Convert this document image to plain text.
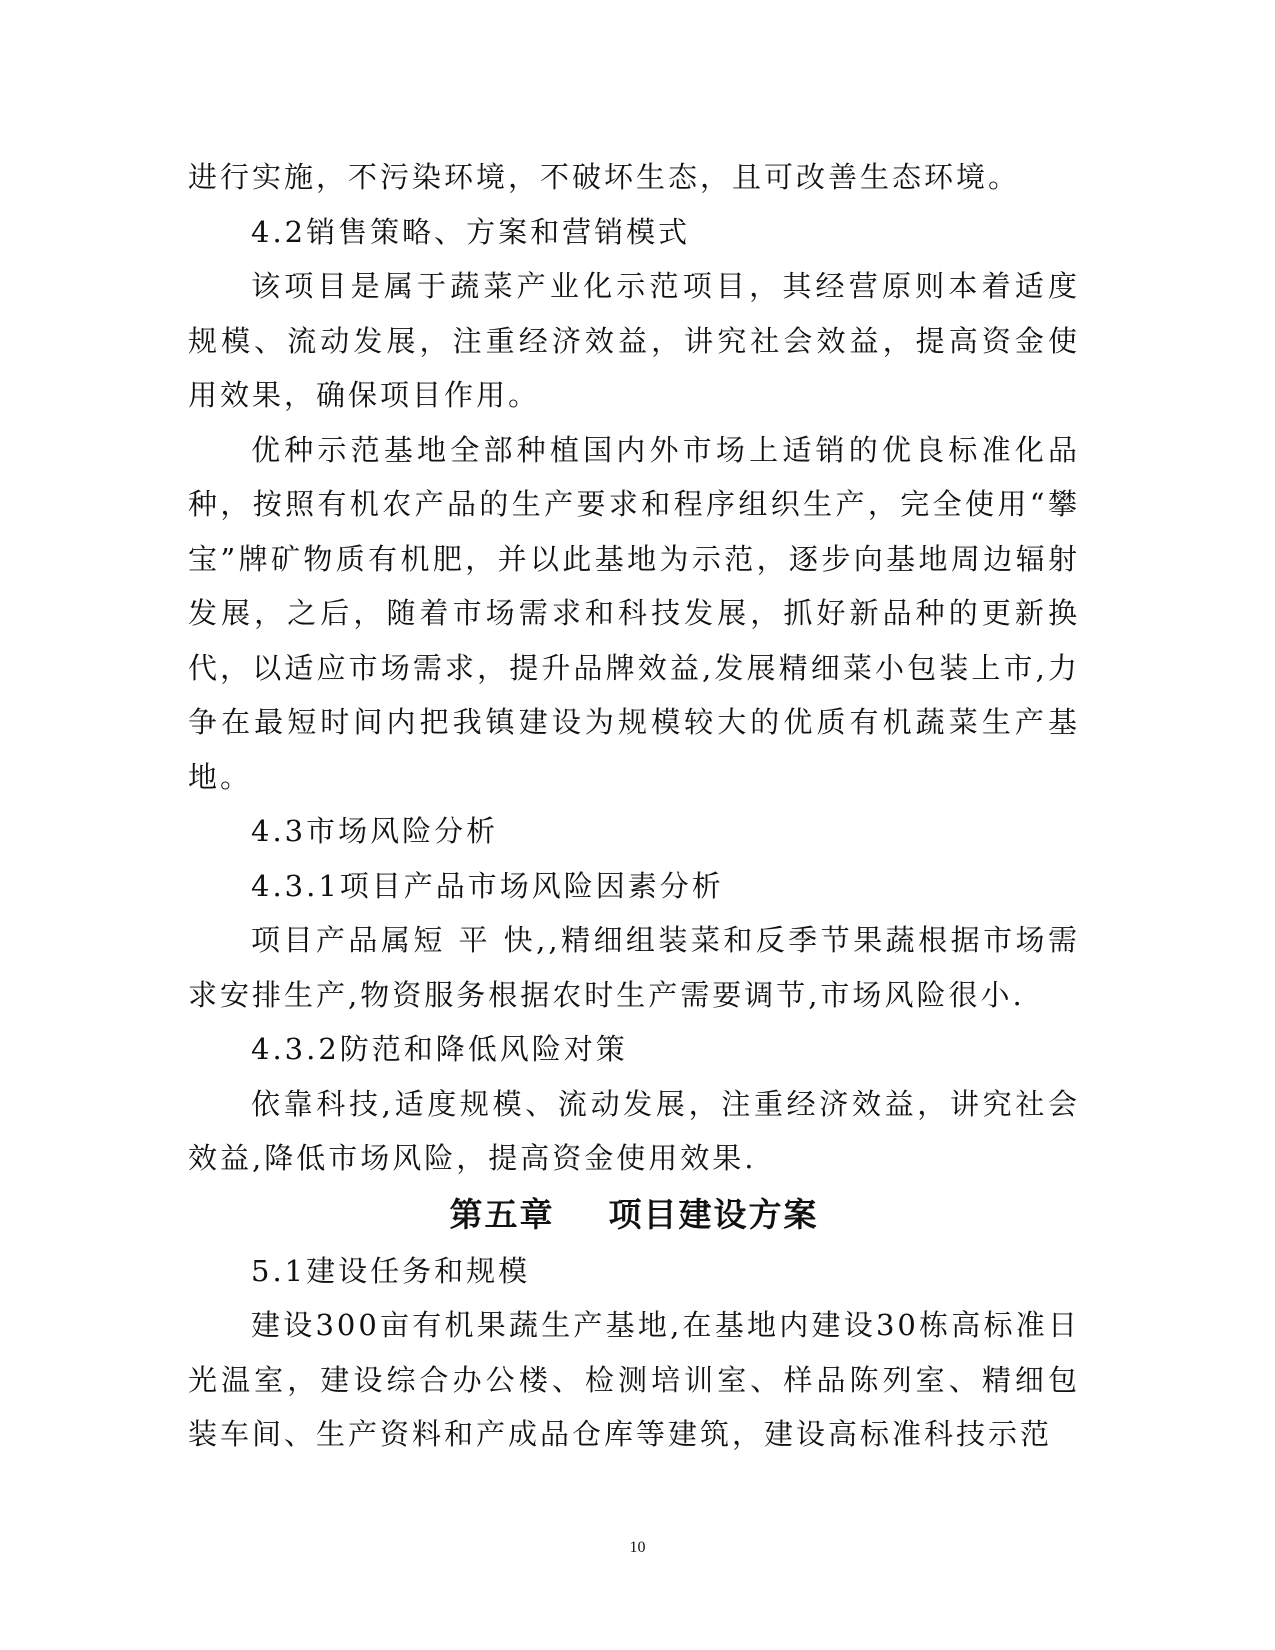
进行实施，不污染环境，不破坏生态，且可改善生态环境。

4.2销售策略、方案和营销模式

该项目是属于蔬菜产业化示范项目，其经营原则本着适度规模、流动发展，注重经济效益，讲究社会效益，提高资金使用效果，确保项目作用。

优种示范基地全部种植国内外市场上适销的优良标准化品种，按照有机农产品的生产要求和程序组织生产，完全使用“攀宝”牌矿物质有机肥，并以此基地为示范，逐步向基地周边辐射发展，之后，随着市场需求和科技发展，抓好新品种的更新换代，以适应市场需求，提升品牌效益,发展精细菜小包装上市,力争在最短时间内把我镇建设为规模较大的优质有机蔬菜生产基地。

4.3市场风险分析

4.3.1项目产品市场风险因素分析

项目产品属短 平 快,,精细组装菜和反季节果蔬根据市场需求安排生产,物资服务根据农时生产需要调节,市场风险很小.

4.3.2防范和降低风险对策

依靠科技,适度规模、流动发展，注重经济效益，讲究社会效益,降低市场风险，提高资金使用效果.

第五章    项目建设方案

5.1建设任务和规模

建设300亩有机果蔬生产基地,在基地内建设30栋高标准日光温室，建设综合办公楼、检测培训室、样品陈列室、精细包装车间、生产资料和产成品仓库等建筑，建设高标准科技示范

10
